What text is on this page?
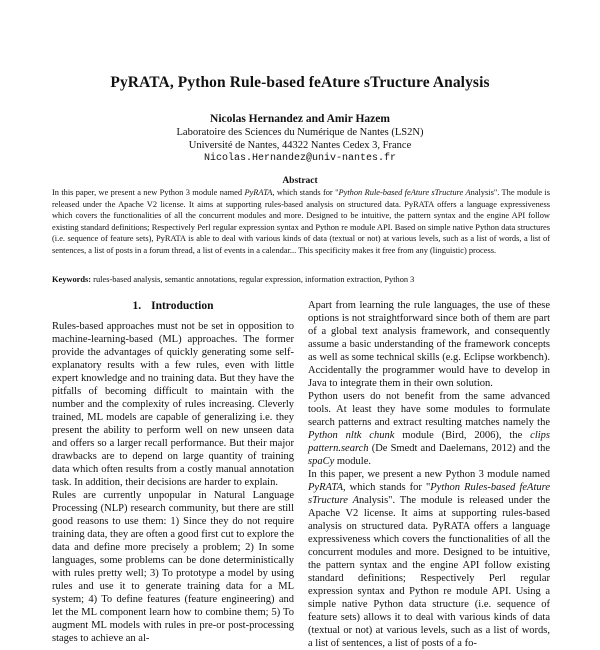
PyRATA, Python Rule-based feAture sTructure Analysis
Nicolas Hernandez and Amir Hazem
Laboratoire des Sciences du Numérique de Nantes (LS2N)
Université de Nantes, 44322 Nantes Cedex 3, France
Nicolas.Hernandez@univ-nantes.fr
Abstract
In this paper, we present a new Python 3 module named PyRATA, which stands for "Python Rule-based feAture sTructure Analysis". The module is released under the Apache V2 license. It aims at supporting rules-based analysis on structured data. PyRATA offers a language expressiveness which covers the functionalities of all the concurrent modules and more. Designed to be intuitive, the pattern syntax and the engine API follow existing standard definitions; Respectively Perl regular expression syntax and Python re module API. Based on simple native Python data structures (i.e. sequence of feature sets), PyRATA is able to deal with various kinds of data (textual or not) at various levels, such as a list of words, a list of sentences, a list of posts in a forum thread, a list of events in a calendar... This specificity makes it free from any (linguistic) process.
Keywords: rules-based analysis, semantic annotations, regular expression, information extraction, Python 3
1. Introduction

Rules-based approaches must not be set in opposition to machine-learning-based (ML) approaches. The former provide the advantages of quickly generating some self-explanatory results with a few rules, even with little expert knowledge and no training data. But they have the pitfalls of becoming difficult to maintain with the number and the complexity of rules increasing. Cleverly trained, ML models are capable of generalizing i.e. they present the ability to perform well on new unseen data and offers so a larger recall performance. But their major drawbacks are to depend on large quantity of training data which often results from a costly manual annotation task. In addition, their decisions are harder to explain.

Rules are currently unpopular in Natural Language Processing (NLP) research community, but there are still good reasons to use them: 1) Since they do not require training data, they are often a good first cut to explore the data and define more precisely a problem; 2) In some languages, some problems can be done deterministically with rules pretty well; 3) To prototype a model by using rules and use it to generate training data for a ML system; 4) To define features (feature engineering) and let the ML component learn how to combine them; 5) To augment ML models with rules in pre-or post-processing stages to achieve an al-

Apart from learning the rule languages, the use of these options is not straightforward since both of them are part of a global text analysis framework, and consequently assume a basic understanding of the framework concepts as well as some technical skills (e.g. Eclipse workbench). Accidentally the programmer would have to develop in Java to integrate them in their own solution.

Python users do not benefit from the same advanced tools. At least they have some modules to formulate search patterns and extract resulting matches namely the Python nltk chunk module (Bird, 2006), the clips pattern.search (De Smedt and Daelemans, 2012) and the spaCy module.

In this paper, we present a new Python 3 module named PyRATA, which stands for "Python Rules-based feAture sTructure Analysis". The module is released under the Apache V2 license. It aims at supporting rules-based analysis on structured data. PyRATA offers a language expressiveness which covers the functionalities of all the concurrent modules and more. Designed to be intuitive, the pattern syntax and the engine API follow existing standard definitions; Respectively Perl regular expression syntax and Python re module API. Using a simple native Python data structure (i.e. sequence of feature sets) allows it to deal with various kinds of data (textual or not) at various levels, such as a list of words, a list of sentences, a list of posts of a fo-
